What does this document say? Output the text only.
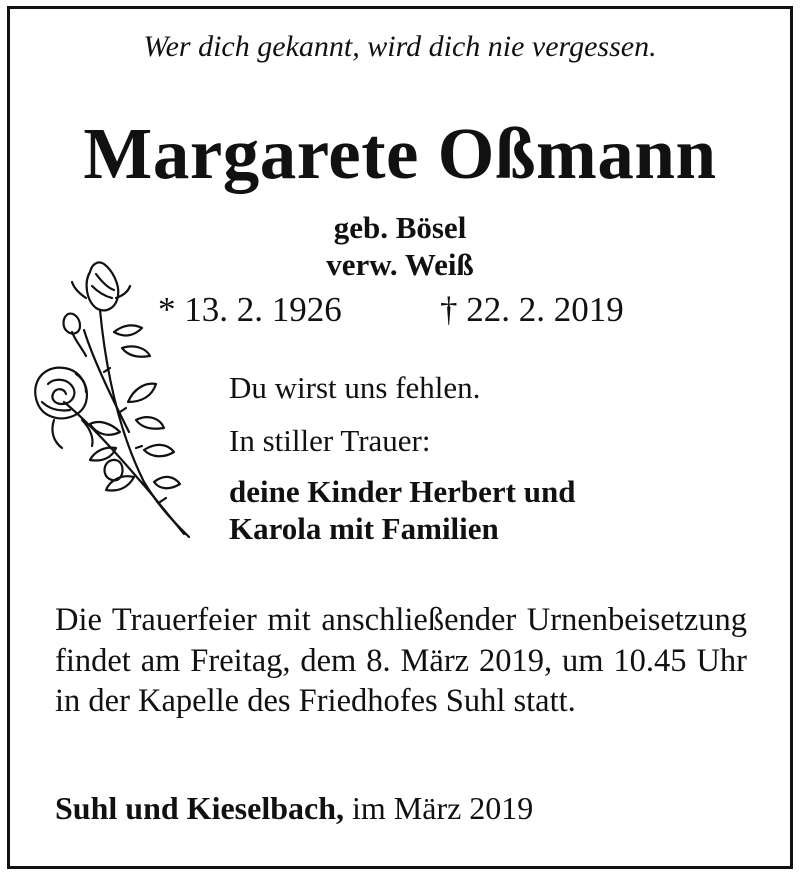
Wer dich gekannt, wird dich nie vergessen.
Margarete Oßmann
geb. Bösel
verw. Weiß
* 13. 2. 1926	† 22. 2. 2019
Du wirst uns fehlen.
In stiller Trauer:
deine Kinder Herbert und
Karola mit Familien
Die Trauerfeier mit anschließender Urnenbeisetzung findet am Freitag, dem 8. März 2019, um 10.45 Uhr in der Kapelle des Friedhofes Suhl statt.
Suhl und Kieselbach, im März 2019
